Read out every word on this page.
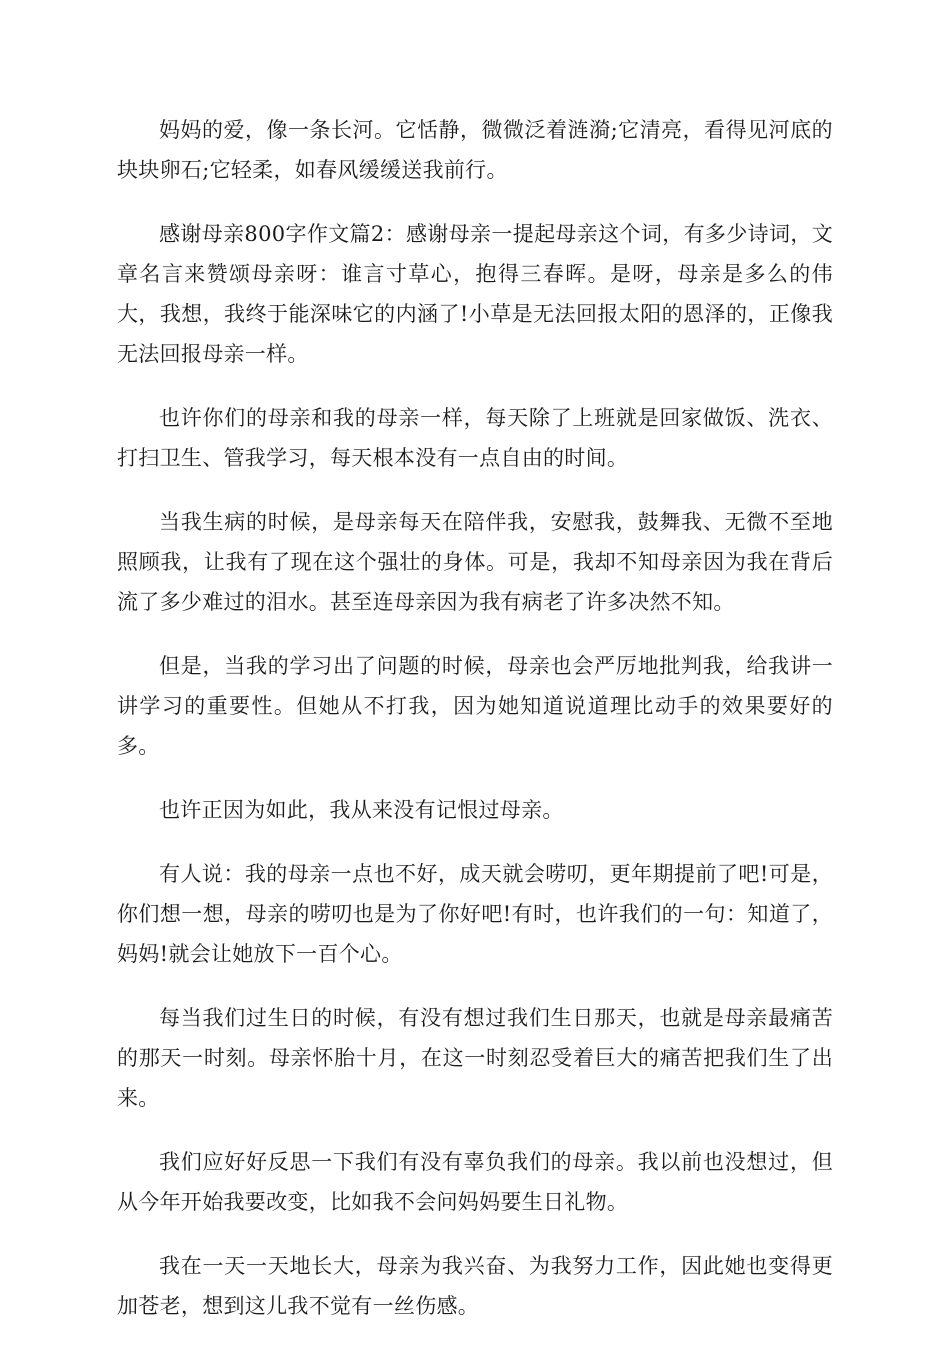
妈妈的爱，像一条长河。它恬静，微微泛着涟漪;它清亮，看得见河底的块块卵石;它轻柔，如春风缓缓送我前行。

感谢母亲800字作文篇2：感谢母亲一提起母亲这个词，有多少诗词，文章名言来赞颂母亲呀：谁言寸草心，抱得三春晖。是呀，母亲是多么的伟大，我想，我终于能深味它的内涵了!小草是无法回报太阳的恩泽的，正像我无法回报母亲一样。

也许你们的母亲和我的母亲一样，每天除了上班就是回家做饭、洗衣、打扫卫生、管我学习，每天根本没有一点自由的时间。

当我生病的时候，是母亲每天在陪伴我，安慰我，鼓舞我、无微不至地照顾我，让我有了现在这个强壮的身体。可是，我却不知母亲因为我在背后流了多少难过的泪水。甚至连母亲因为我有病老了许多决然不知。

但是，当我的学习出了问题的时候，母亲也会严厉地批判我，给我讲一讲学习的重要性。但她从不打我，因为她知道说道理比动手的效果要好的多。

也许正因为如此，我从来没有记恨过母亲。

有人说：我的母亲一点也不好，成天就会唠叨，更年期提前了吧!可是，你们想一想，母亲的唠叨也是为了你好吧!有时，也许我们的一句：知道了，妈妈!就会让她放下一百个心。

每当我们过生日的时候，有没有想过我们生日那天，也就是母亲最痛苦的那天一时刻。母亲怀胎十月，在这一时刻忍受着巨大的痛苦把我们生了出来。

我们应好好反思一下我们有没有辜负我们的母亲。我以前也没想过，但从今年开始我要改变，比如我不会问妈妈要生日礼物。

我在一天一天地长大，母亲为我兴奋、为我努力工作，因此她也变得更加苍老，想到这儿我不觉有一丝伤感。
